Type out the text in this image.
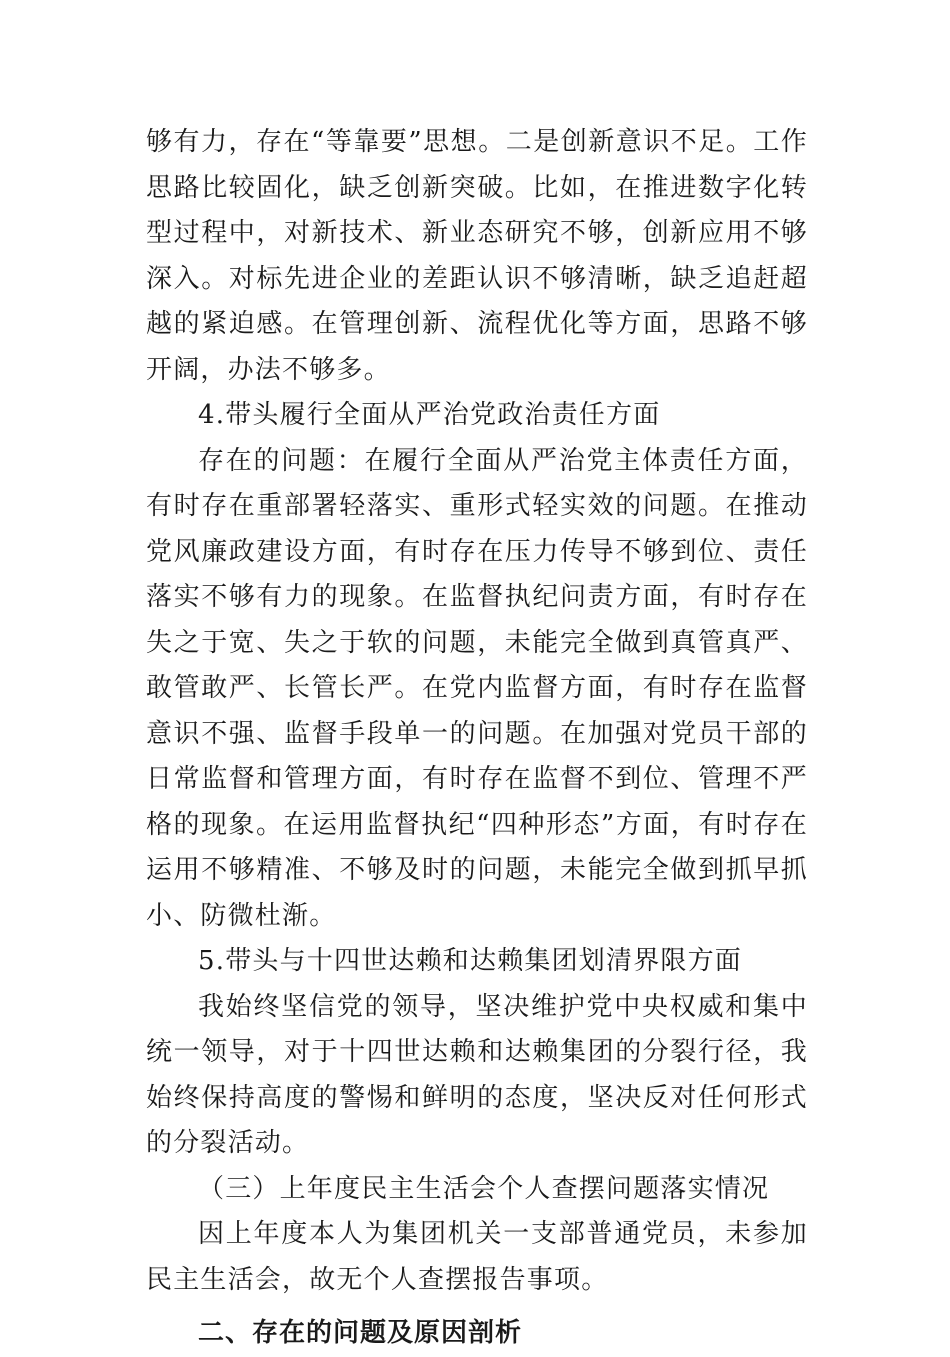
够有力，存在“等靠要”思想。二是创新意识不足。工作思路比较固化，缺乏创新突破。比如，在推进数字化转型过程中，对新技术、新业态研究不够，创新应用不够深入。对标先进企业的差距认识不够清晰，缺乏追赶超越的紧迫感。在管理创新、流程优化等方面，思路不够开阔，办法不够多。

4.带头履行全面从严治党政治责任方面

存在的问题：在履行全面从严治党主体责任方面，有时存在重部署轻落实、重形式轻实效的问题。在推动党风廉政建设方面，有时存在压力传导不够到位、责任落实不够有力的现象。在监督执纪问责方面，有时存在失之于宽、失之于软的问题，未能完全做到真管真严、敢管敢严、长管长严。在党内监督方面，有时存在监督意识不强、监督手段单一的问题。在加强对党员干部的日常监督和管理方面，有时存在监督不到位、管理不严格的现象。在运用监督执纪“四种形态”方面，有时存在运用不够精准、不够及时的问题，未能完全做到抓早抓小、防微杜渐。

5.带头与十四世达赖和达赖集团划清界限方面

我始终坚信党的领导，坚决维护党中央权威和集中统一领导，对于十四世达赖和达赖集团的分裂行径，我始终保持高度的警惕和鲜明的态度，坚决反对任何形式的分裂活动。

（三）上年度民主生活会个人查摆问题落实情况

因上年度本人为集团机关一支部普通党员，未参加民主生活会，故无个人查摆报告事项。

二、存在的问题及原因剖析
